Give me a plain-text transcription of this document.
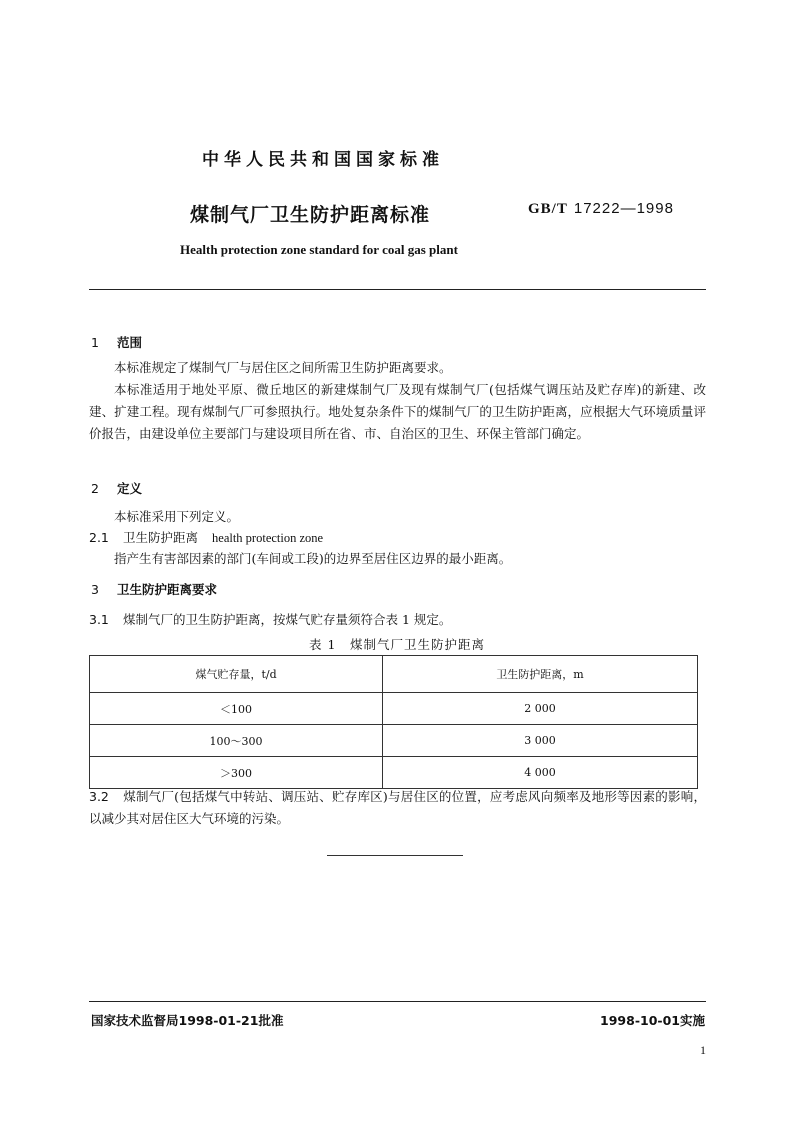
中华人民共和国国家标准
煤制气厂卫生防护距离标准	GB/T 17222—1998
Health protection zone standard for coal gas plant
1 范围
本标准规定了煤制气厂与居住区之间所需卫生防护距离要求。
本标准适用于地处平原、微丘地区的新建煤制气厂及现有煤制气厂(包括煤气调压站及贮存库)的新建、改建、扩建工程。现有煤制气厂可参照执行。地处复杂条件下的煤制气厂的卫生防护距离，应根据大气环境质量评价报告，由建设单位主要部门与建设项目所在省、市、自治区的卫生、环保主管部门确定。
2 定义
本标准采用下列定义。
2.1 卫生防护距离 health protection zone
指产生有害部因素的部门(车间或工段)的边界至居住区边界的最小距离。
3 卫生防护距离要求
3.1 煤制气厂的卫生防护距离，按煤气贮存量须符合表 1 规定。
表 1　煤制气厂卫生防护距离
煤气贮存量，t/d	卫生防护距离，m
＜100	2 000
100～300	3 000
＞300	4 000
3.2 煤制气厂(包括煤气中转站、调压站、贮存库区)与居住区的位置，应考虑风向频率及地形等因素的影响，以减少其对居住区大气环境的污染。
国家技术监督局1998-01-21批准	1998-10-01实施
1
